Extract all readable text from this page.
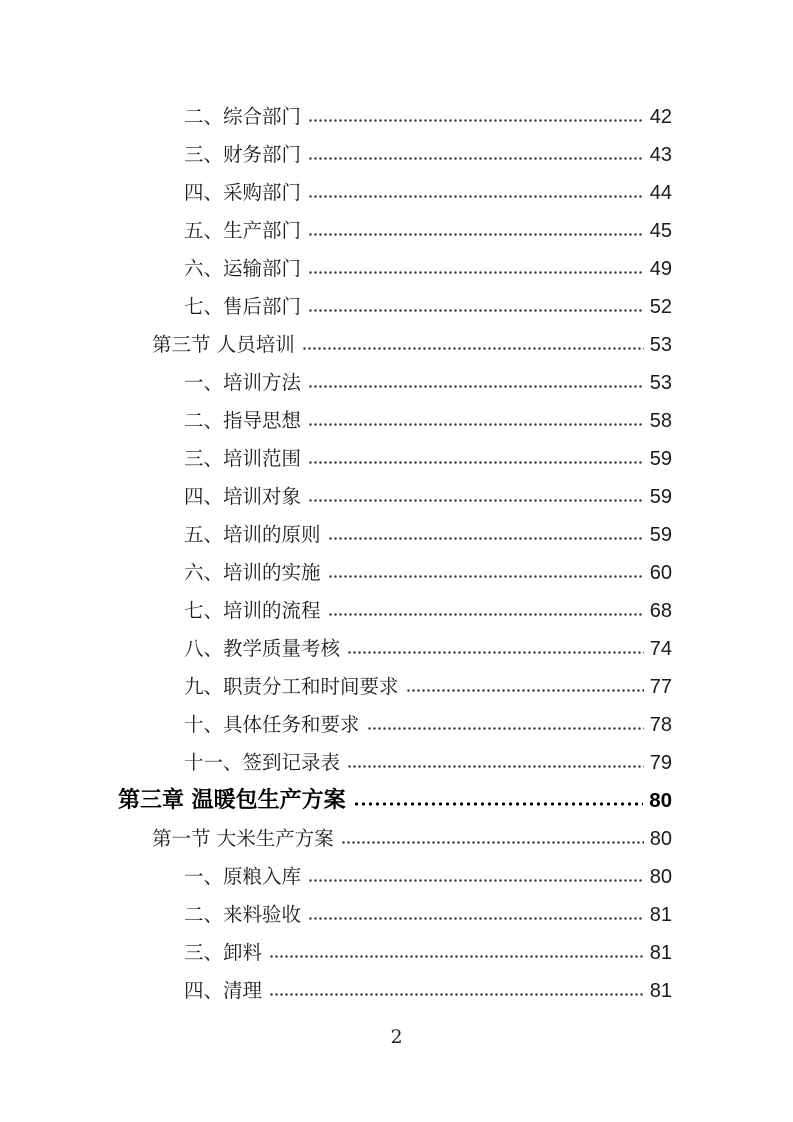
二、综合部门	42
三、财务部门	43
四、采购部门	44
五、生产部门	45
六、运输部门	49
七、售后部门	52
第三节 人员培训	53
一、培训方法	53
二、指导思想	58
三、培训范围	59
四、培训对象	59
五、培训的原则	59
六、培训的实施	60
七、培训的流程	68
八、教学质量考核	74
九、职责分工和时间要求	77
十、具体任务和要求	78
十一、签到记录表	79
第三章 温暖包生产方案	80
第一节 大米生产方案	80
一、原粮入库	80
二、来料验收	81
三、卸料	81
四、清理	81
2
